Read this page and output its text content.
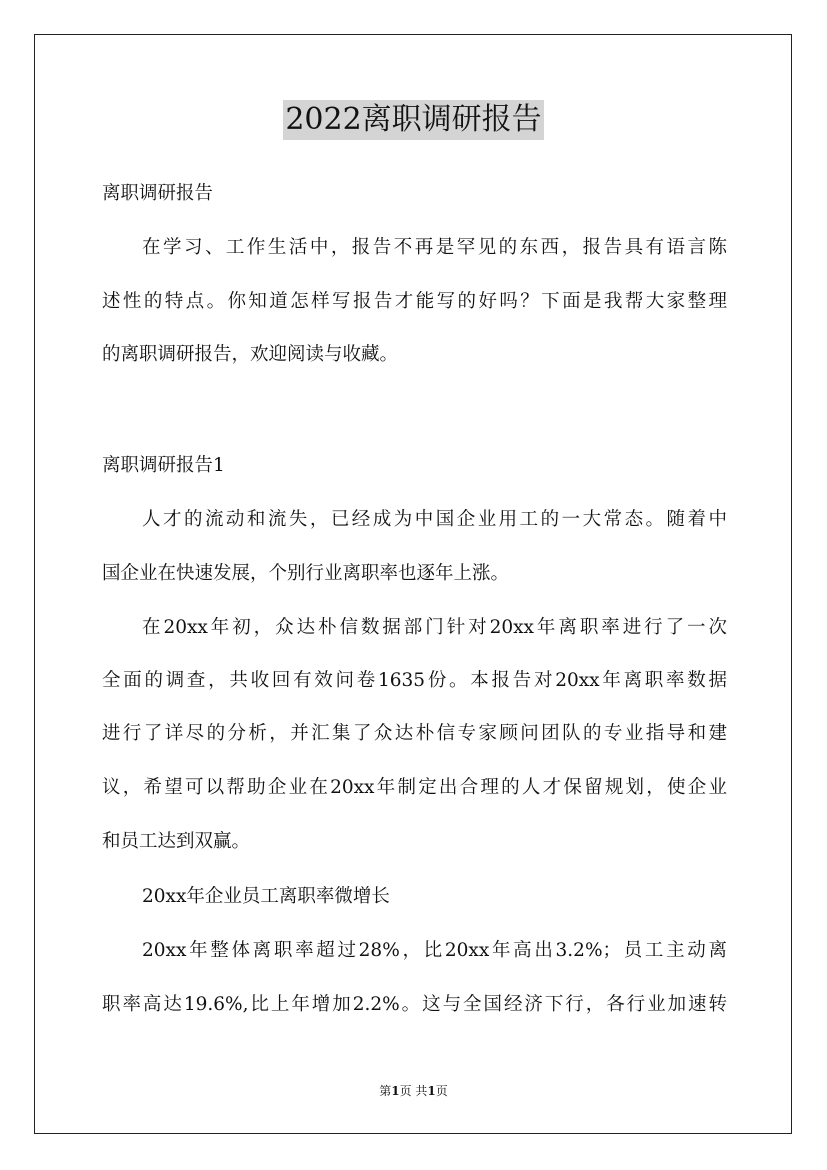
2022离职调研报告
离职调研报告
在学习、工作生活中，报告不再是罕见的东西，报告具有语言陈
述性的特点。你知道怎样写报告才能写的好吗？下面是我帮大家整理
的离职调研报告，欢迎阅读与收藏。
离职调研报告1
人才的流动和流失，已经成为中国企业用工的一大常态。随着中
国企业在快速发展，个别行业离职率也逐年上涨。
在20xx年初，众达朴信数据部门针对20xx年离职率进行了一次
全面的调查，共收回有效问卷1635份。本报告对20xx年离职率数据
进行了详尽的分析，并汇集了众达朴信专家顾问团队的专业指导和建
议，希望可以帮助企业在20xx年制定出合理的人才保留规划，使企业
和员工达到双赢。
20xx年企业员工离职率微增长
20xx年整体离职率超过28%，比20xx年高出3.2%；员工主动离
职率高达19.6%,比上年增加2.2%。这与全国经济下行，各行业加速转
第1页 共1页
